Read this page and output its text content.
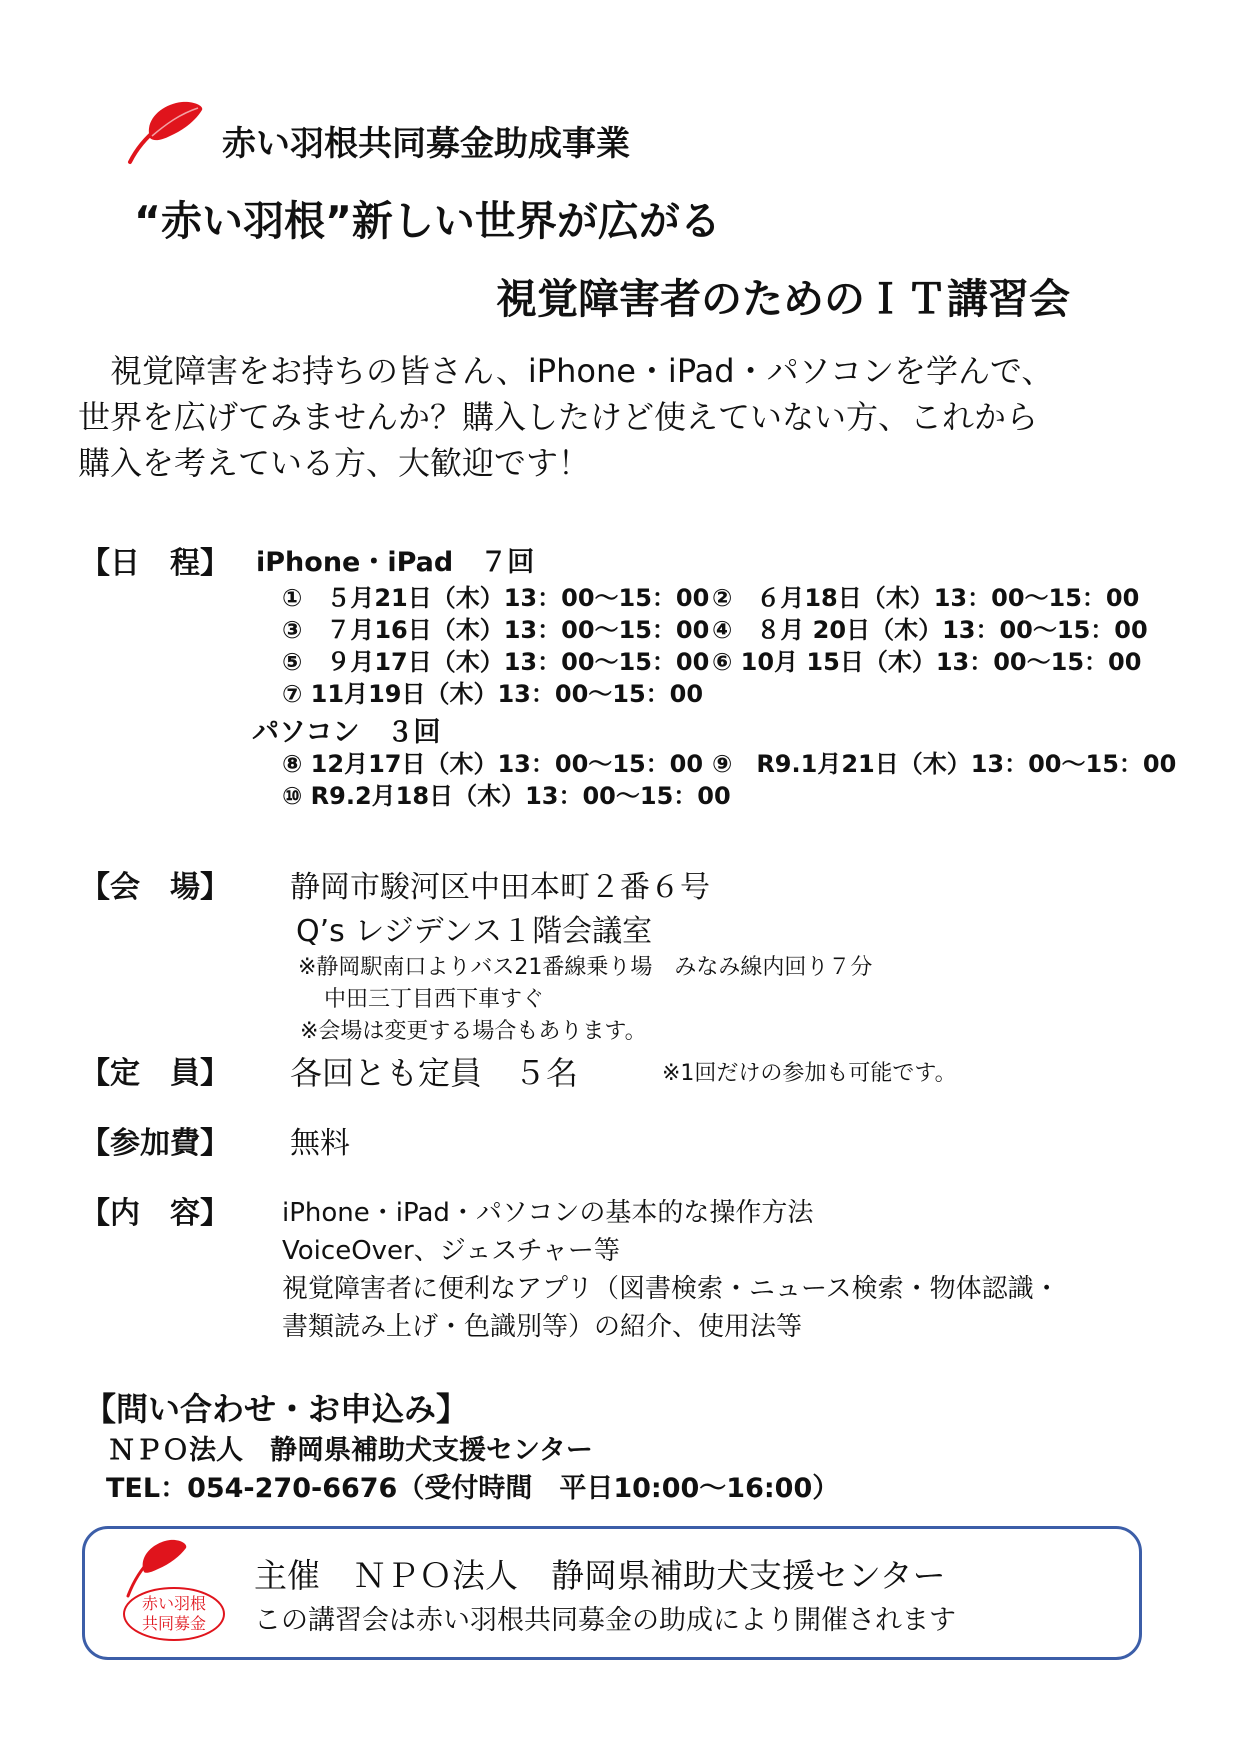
赤い羽根共同募金助成事業
“赤い羽根”新しい世界が広がる
視覚障害者のためのＩＴ講習会

　視覚障害をお持ちの皆さん、iPhone・iPad・パソコンを学んで、

世界を広げてみませんか？購入したけど使えていない方、これから

購入を考えている方、大歓迎です！

【日　程】 iPhone・iPad　７回
①　５月21日（木）13：00～15：00 ②　６月18日（木）13：00～15：00
③　７月16日（木）13：00～15：00 ④　８月 20日（木）13：00～15：00
⑤　９月17日（木）13：00～15：00 ⑥ 10月 15日（木）13：00～15：00
⑦ 11月19日（木）13：00～15：00
パソコン　３回
⑧ 12月17日（木）13：00～15：00 ⑨　R9.1月21日（木）13：00～15：00
⑩ R9.2月18日（木）13：00～15：00
【会　場】 静岡市駿河区中田本町２番６号
Q’s レジデンス１階会議室
※静岡駅南口よりバス21番線乗り場　みなみ線内回り７分
中田三丁目西下車すぐ
※会場は変更する場合もあります。
【定　員】 各回とも定員　５名	※1回だけの参加も可能です。
【参加費】 無料
【内　容】 iPhone・iPad・パソコンの基本的な操作方法
VoiceOver、ジェスチャー等
視覚障害者に便利なアプリ（図書検索・ニュース検索・物体認識・
書類読み上げ・色識別等）の紹介、使用法等
【問い合わせ・お申込み】
ＮＰＯ法人　静岡県補助犬支援センター
TEL：054-270-6676（受付時間　平日10:00～16:00）
赤い羽根
共同募金
主催　ＮＰＯ法人　静岡県補助犬支援センター
この講習会は赤い羽根共同募金の助成により開催されます
